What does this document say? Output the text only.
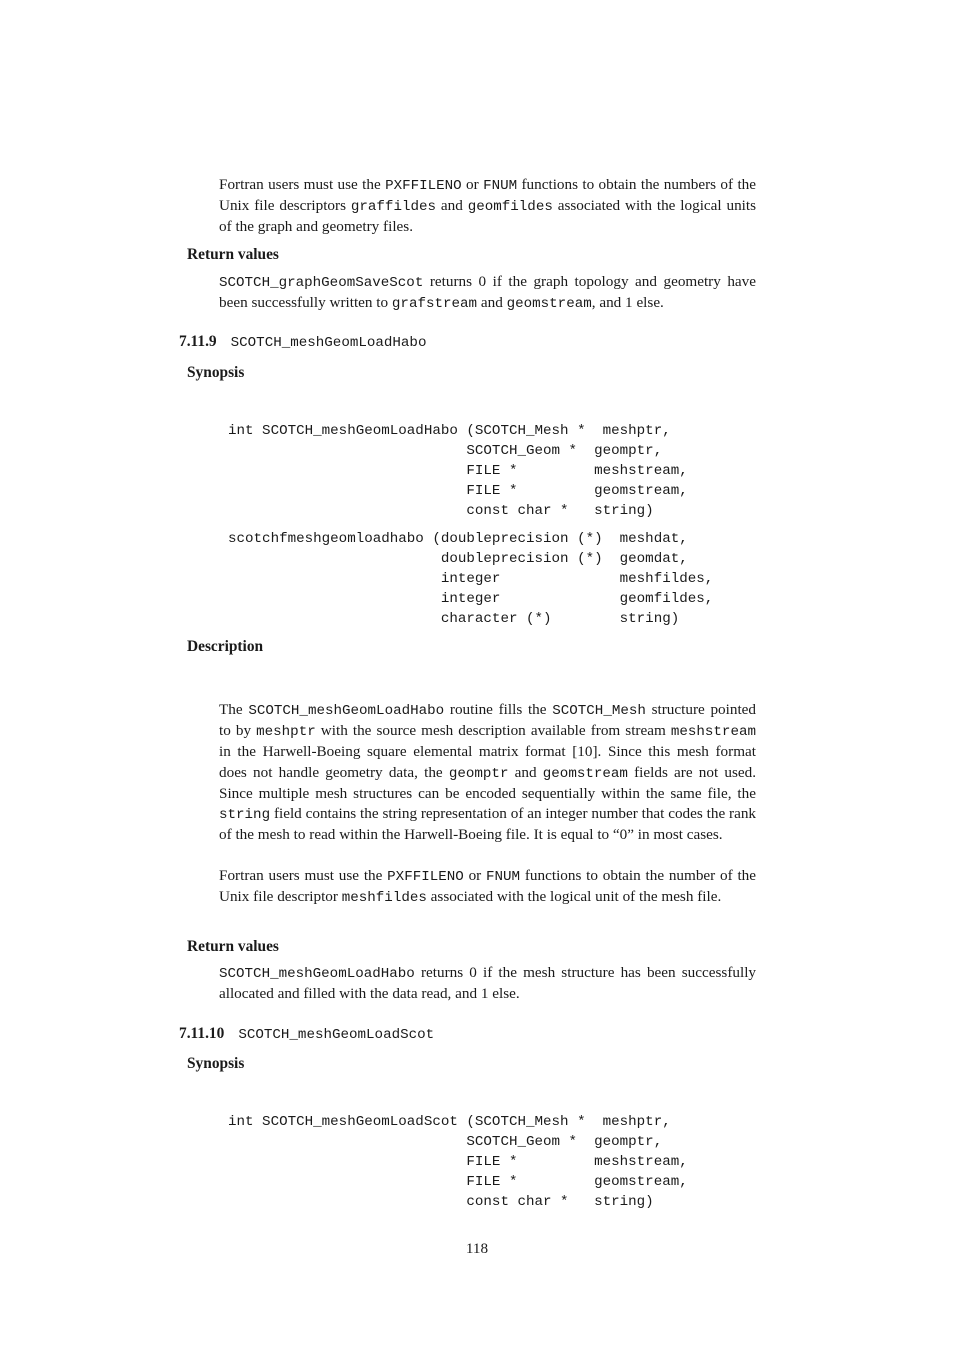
Fortran users must use the PXFFILENO or FNUM functions to obtain the numbers of the Unix file descriptors graffildes and geomfildes associated with the logical units of the graph and geometry files.

Return values

SCOTCH_graphGeomSaveScot returns 0 if the graph topology and geometry have been successfully written to grafstream and geomstream, and 1 else.

7.11.9 SCOTCH_meshGeomLoadHabo

Synopsis

int SCOTCH_meshGeomLoadHabo (SCOTCH_Mesh *  meshptr,
SCOTCH_Geom *  geomptr,
FILE *         meshstream,
FILE *         geomstream,
const char *   string)
scotchfmeshgeomloadhabo (doubleprecision (*)  meshdat,
doubleprecision (*)  geomdat,
integer              meshfildes,
integer              geomfildes,
character (*)        string)

Description

The SCOTCH_meshGeomLoadHabo routine fills the SCOTCH_Mesh structure pointed to by meshptr with the source mesh description available from stream meshstream in the Harwell-Boeing square elemental matrix format [10]. Since this mesh format does not handle geometry data, the geomptr and geomstream fields are not used. Since multiple mesh structures can be encoded sequentially within the same file, the string field contains the string representation of an integer number that codes the rank of the mesh to read within the Harwell-Boeing file. It is equal to “0” in most cases.

Fortran users must use the PXFFILENO or FNUM functions to obtain the number of the Unix file descriptor meshfildes associated with the logical unit of the mesh file.

Return values

SCOTCH_meshGeomLoadHabo returns 0 if the mesh structure has been successfully allocated and filled with the data read, and 1 else.

7.11.10 SCOTCH_meshGeomLoadScot

Synopsis

int SCOTCH_meshGeomLoadScot (SCOTCH_Mesh *  meshptr,
SCOTCH_Geom *  geomptr,
FILE *         meshstream,
FILE *         geomstream,
const char *   string)
118
